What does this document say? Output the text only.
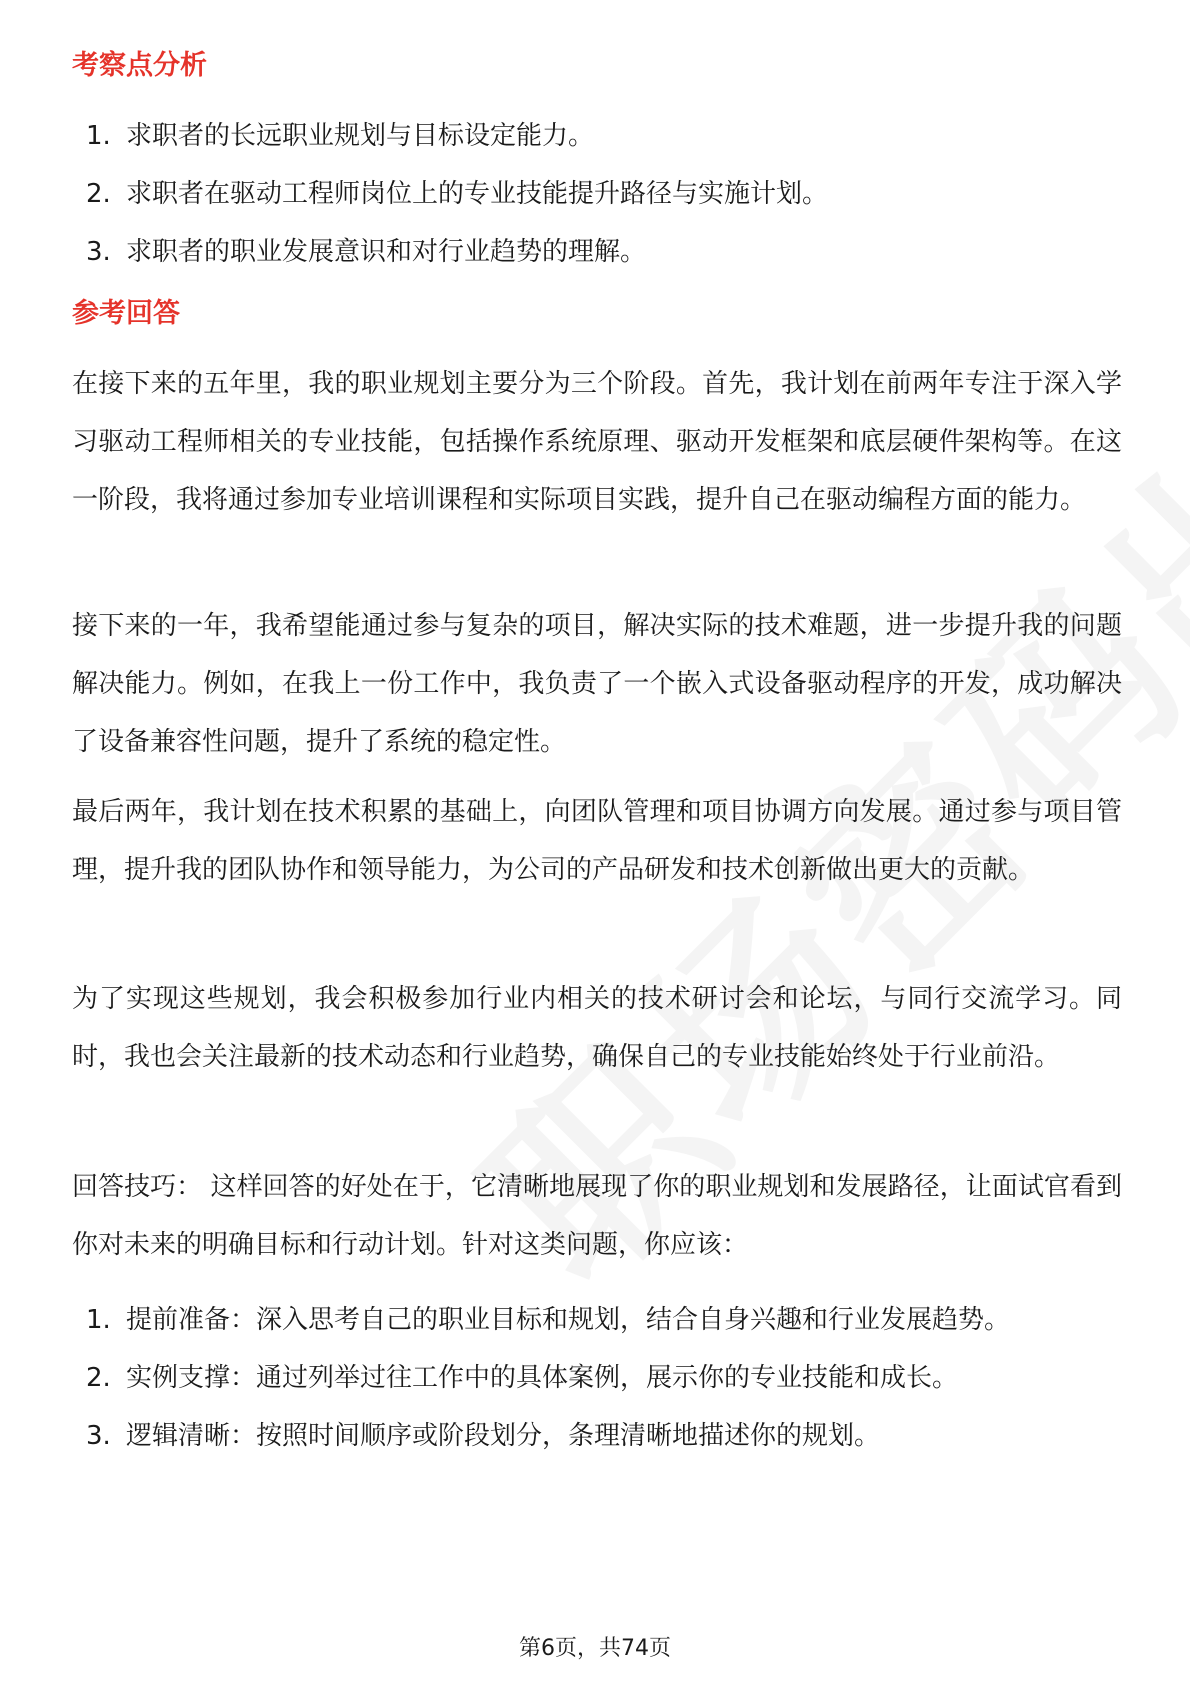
考察点分析
1. 求职者的长远职业规划与目标设定能力。
2. 求职者在驱动工程师岗位上的专业技能提升路径与实施计划。
3. 求职者的职业发展意识和对行业趋势的理解。
参考回答

在接下来的五年里，我的职业规划主要分为三个阶段。首先，我计划在前两年专注于深入学习驱动工程师相关的专业技能，包括操作系统原理、驱动开发框架和底层硬件架构等。在这一阶段，我将通过参加专业培训课程和实际项目实践，提升自己在驱动编程方面的能力。

接下来的一年，我希望能通过参与复杂的项目，解决实际的技术难题，进一步提升我的问题解决能力。例如，在我上一份工作中，我负责了一个嵌入式设备驱动程序的开发，成功解决了设备兼容性问题，提升了系统的稳定性。

最后两年，我计划在技术积累的基础上，向团队管理和项目协调方向发展。通过参与项目管理，提升我的团队协作和领导能力，为公司的产品研发和技术创新做出更大的贡献。

为了实现这些规划，我会积极参加行业内相关的技术研讨会和论坛，与同行交流学习。同时，我也会关注最新的技术动态和行业趋势，确保自己的专业技能始终处于行业前沿。

回答技巧： 这样回答的好处在于，它清晰地展现了你的职业规划和发展路径，让面试官看到你对未来的明确目标和行动计划。针对这类问题，你应该：

1. 提前准备：深入思考自己的职业目标和规划，结合自身兴趣和行业发展趋势。
2. 实例支撑：通过列举过往工作中的具体案例，展示你的专业技能和成长。
3. 逻辑清晰：按照时间顺序或阶段划分，条理清晰地描述你的规划。
第6页，共74页
